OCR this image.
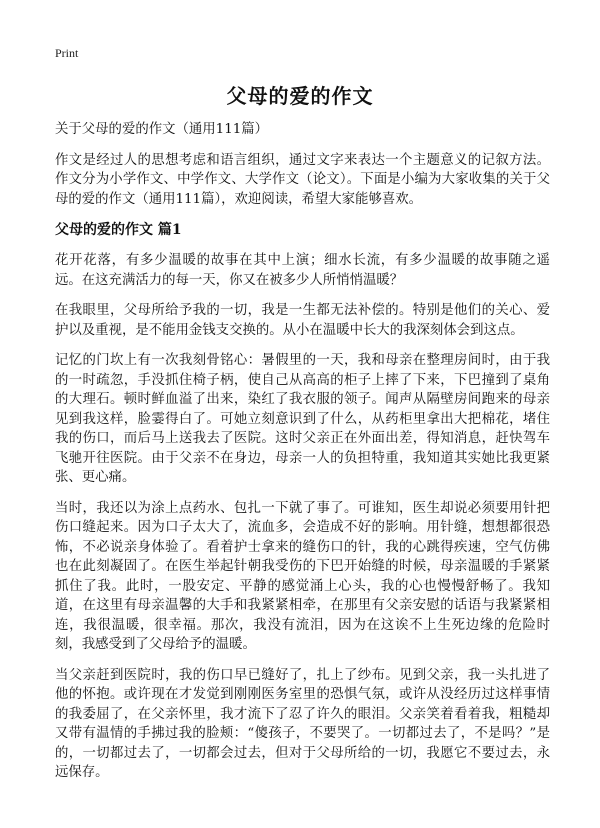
Print
父母的爱的作文

关于父母的爱的作文（通用111篇）

作文是经过人的思想考虑和语言组织，通过文字来表达一个主题意义的记叙方法。作文分为小学作文、中学作文、大学作文（论文）。下面是小编为大家收集的关于父母的爱的作文（通用111篇），欢迎阅读，希望大家能够喜欢。

父母的爱的作文 篇1

花开花落，有多少温暖的故事在其中上演；细水长流，有多少温暖的故事随之遥远。在这充满活力的每一天，你又在被多少人所悄悄温暖？

在我眼里，父母所给予我的一切，我是一生都无法补偿的。特别是他们的关心、爱护以及重视，是不能用金钱支交换的。从小在温暖中长大的我深刻体会到这点。

记忆的门坎上有一次我刻骨铭心：暑假里的一天，我和母亲在整理房间时，由于我的一时疏忽，手没抓住椅子柄，使自己从高高的柜子上摔了下来，下巴撞到了桌角的大理石。顿时鲜血溢了出来，染红了我衣服的领子。闻声从隔壁房间跑来的母亲见到我这样，脸霎得白了。可她立刻意识到了什么，从药柜里拿出大把棉花，堵住我的伤口，而后马上送我去了医院。这时父亲正在外面出差，得知消息，赶快驾车飞驰开往医院。由于父亲不在身边，母亲一人的负担特重，我知道其实她比我更紧张、更心痛。

当时，我还以为涂上点药水、包扎一下就了事了。可谁知，医生却说必须要用针把伤口缝起来。因为口子太大了，流血多，会造成不好的影响。用针缝，想想都很恐怖，不必说亲身体验了。看着护士拿来的缝伤口的针，我的心跳得疾速，空气仿佛也在此刻凝固了。在医生举起针朝我受伤的下巴开始缝的时候，母亲温暖的手紧紧抓住了我。此时，一股安定、平静的感觉涌上心头，我的心也慢慢舒畅了。我知道，在这里有母亲温馨的大手和我紧紧相牵，在那里有父亲安慰的话语与我紧紧相连，我很温暖，很幸福。那次，我没有流泪，因为在这诶不上生死边缘的危险时刻，我感受到了父母给予的温暖。

当父亲赶到医院时，我的伤口早已缝好了，扎上了纱布。见到父亲，我一头扎进了他的怀抱。或许现在才发觉到刚刚医务室里的恐惧气氛，或许从没经历过这样事情的我委屈了，在父亲怀里，我才流下了忍了许久的眼泪。父亲笑着看着我，粗糙却又带有温情的手拂过我的脸颊：“傻孩子，不要哭了。一切都过去了，不是吗？”是的，一切都过去了，一切都会过去，但对于父母所给的一切，我愿它不要过去，永远保存。
